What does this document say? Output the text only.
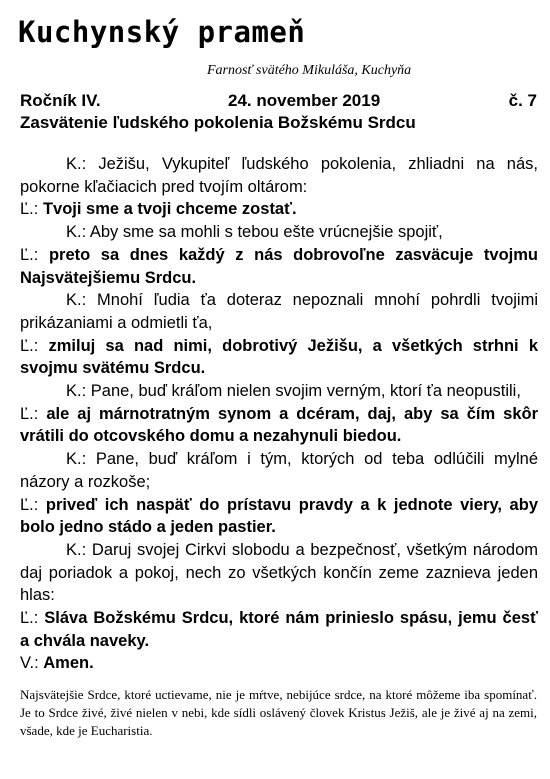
Kuchynský prameň
Farnosť svätého Mikuláša, Kuchyňa
Ročník IV.	24. november 2019	č. 7
Zasvätenie ľudského pokolenia Božskému Srdcu

K.: Ježišu, Vykupiteľ ľudského pokolenia, zhliadni na nás, pokorne kľačiacich pred tvojím oltárom:

Ľ.: Tvoji sme a tvoji chceme zostať.

K.: Aby sme sa mohli s tebou ešte vrúcnejšie spojiť,

Ľ.: preto sa dnes každý z nás dobrovoľne zasväcuje tvojmu Najsvätejšiemu Srdcu.

K.: Mnohí ľudia ťa doteraz nepoznali mnohí pohrdli tvojimi prikázaniami a odmietli ťa,

Ľ.: zmiluj sa nad nimi, dobrotivý Ježišu, a všetkých strhni k svojmu svätému Srdcu.

K.: Pane, buď kráľom nielen svojim verným, ktorí ťa neopustili,

Ľ.: ale aj márnotratným synom a dcéram, daj, aby sa čím skôr vrátili do otcovského domu a nezahynuli biedou.

K.: Pane, buď kráľom i tým, ktorých od teba odlúčili mylné názory a rozkoše;

Ľ.: priveď ich naspäť do prístavu pravdy a k jednote viery, aby bolo jedno stádo a jeden pastier.

K.: Daruj svojej Cirkvi slobodu a bezpečnosť, všetkým národom daj poriadok a pokoj, nech zo všetkých končín zeme zaznieva jeden hlas:

Ľ.: Sláva Božskému Srdcu, ktoré nám prinieslo spásu, jemu česť a chvála naveky.

V.: Amen.

Najsvätejšie Srdce, ktoré uctievame, nie je mŕtve, nebijúce srdce, na ktoré môžeme iba spomínať. Je to Srdce živé, živé nielen v nebi, kde sídli oslávený človek Kristus Ježiš, ale je živé aj na zemi, všade, kde je Eucharistia.
